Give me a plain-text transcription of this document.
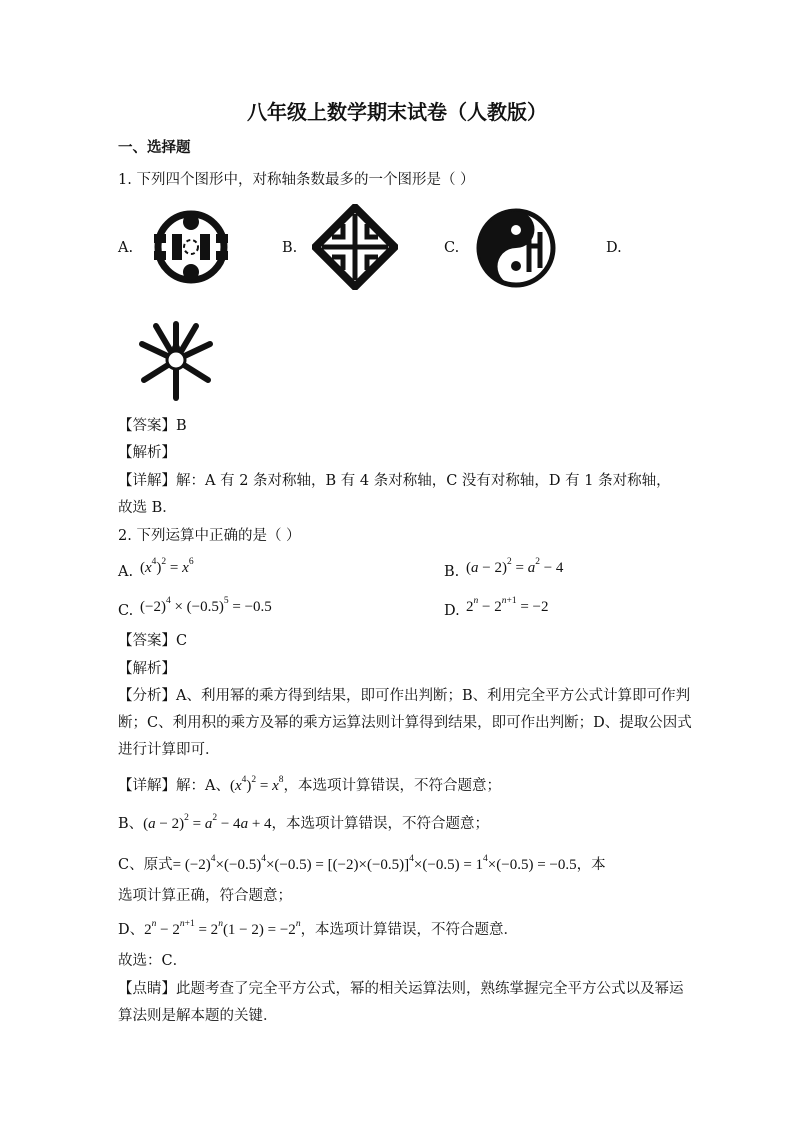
八年级上数学期末试卷（人教版）
一、选择题
1. 下列四个图形中，对称轴条数最多的一个图形是（ ）
A.	B.	C.	D.
【答案】B
【解析】
【详解】解：A 有 2 条对称轴，B 有 4 条对称轴，C 没有对称轴，D 有 1 条对称轴，
故选 B．
2. 下列运算中正确的是（ ）
A. $(x^4)^2 = x^6$
B. $(a - 2)^2 = a^2 - 4$
C. $(-2)^4 \times (-0.5)^5 = -0.5$	D. $2^n - 2^{n+1} = -2$
【答案】C
【解析】
【分析】A、利用幂的乘方得到结果，即可作出判断；B、利用完全平方公式计算即可作判
断；C、利用积的乘方及幂的乘方运算法则计算得到结果，即可作出判断；D、提取公因式
进行计算即可．
【详解】解：A、$(x^4)^2 = x^8$，本选项计算错误，不符合题意；
B、$(a - 2)^2 = a^2 - 4a + 4$，本选项计算错误，不符合题意；
C、原式= $(-2)^4\times(-0.5)^4\times(-0.5) = [(-2)\times(-0.5)]^4\times(-0.5) = 1^4\times(-0.5) = -0.5$，本
选项计算正确，符合题意；
D、$2^n - 2^{n+1} = 2^n(1 - 2) = -2^n$，本选项计算错误，不符合题意．
故选：C．
【点睛】此题考查了完全平方公式，幂的相关运算法则，熟练掌握完全平方公式以及幂运
算法则是解本题的关键．
